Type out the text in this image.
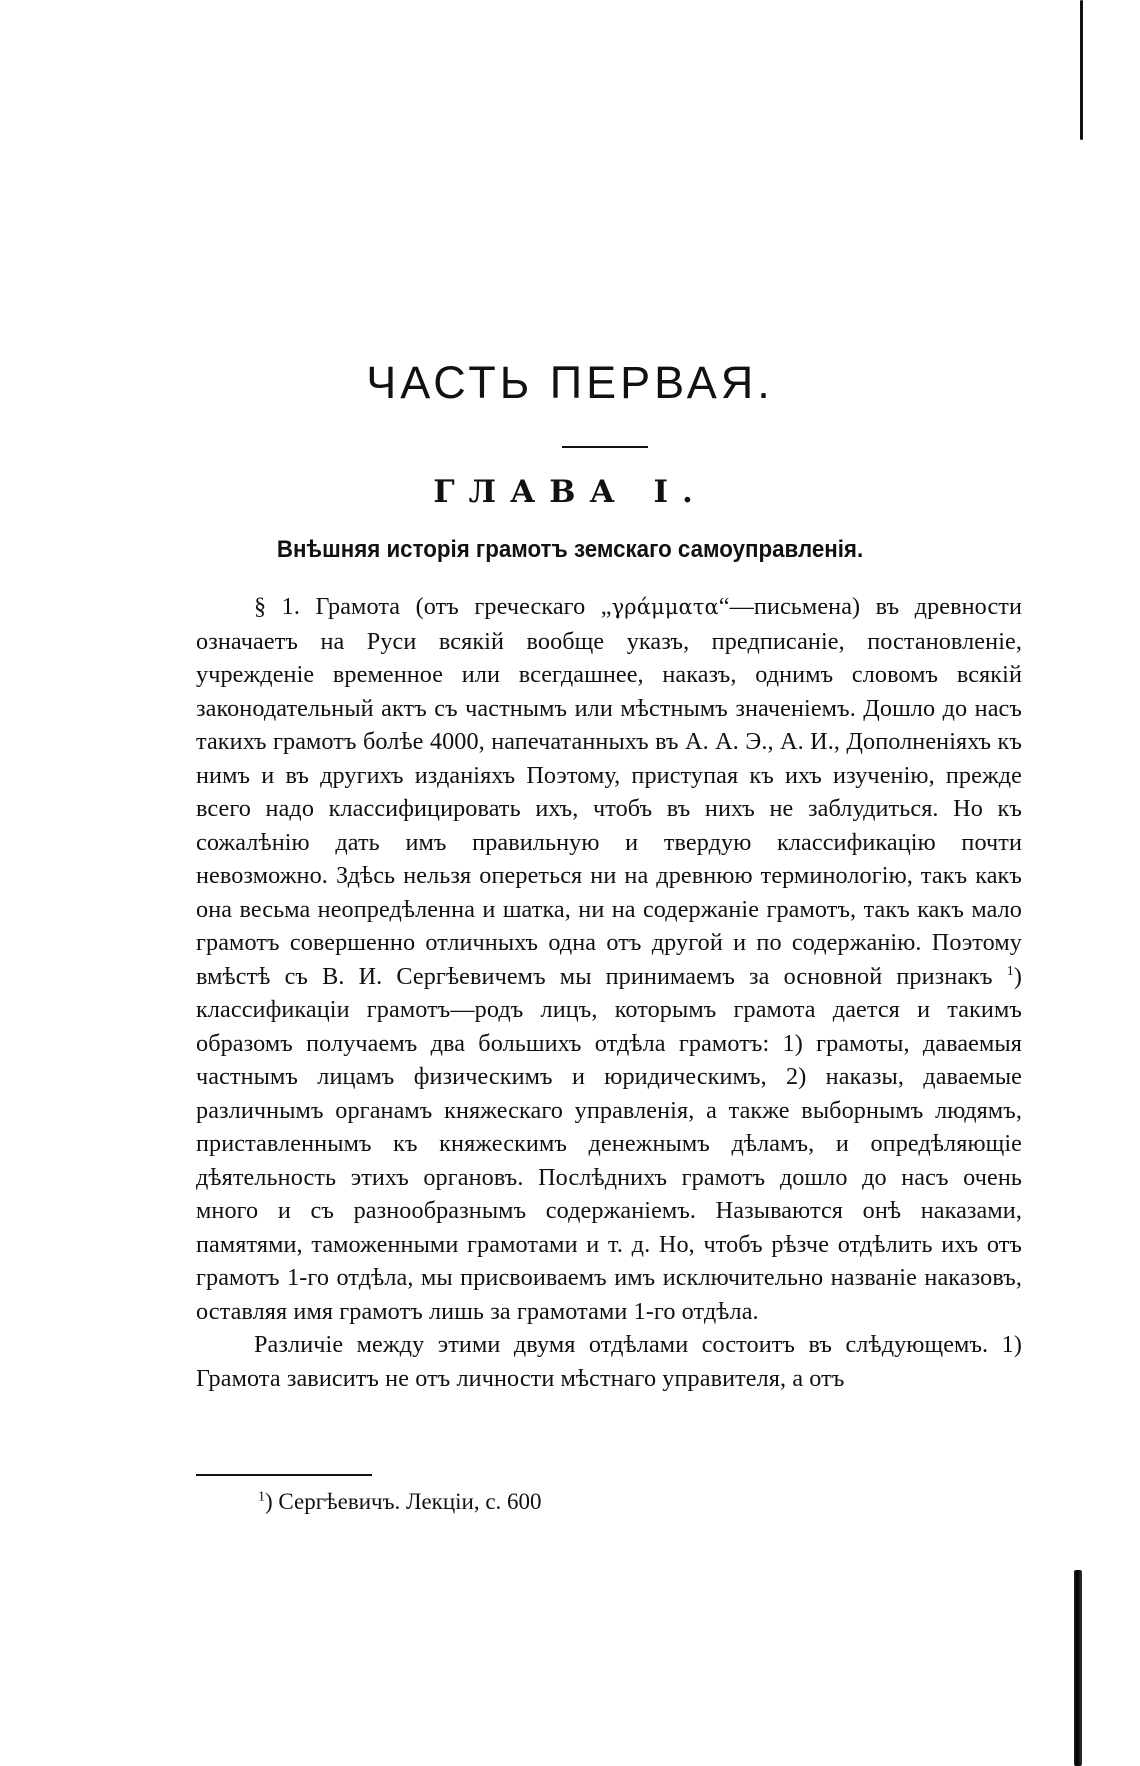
ЧАСТЬ ПЕРВАЯ.
ГЛАВА I.
Внѣшняя исторія грамотъ земскаго самоуправленія.

§ 1. Грамота (отъ греческаго „γράμματα“—письмена) въ древности означаетъ на Руси всякій вообще указъ, предписаніе, постановленіе, учрежденіе временное или всегдашнее, наказъ, однимъ словомъ всякій законодательный актъ съ частнымъ или мѣстнымъ значеніемъ. Дошло до насъ такихъ грамотъ болѣе 4000, напечатанныхъ въ А. А. Э., А. И., Дополненіяхъ къ нимъ и въ другихъ изданіяхъ Поэтому, приступая къ ихъ изученію, прежде всего надо классифицировать ихъ, чтобъ въ нихъ не заблудиться. Но къ сожалѣнію дать имъ правильную и твердую классификацію почти невозможно. Здѣсь нельзя опереться ни на древнюю терминологію, такъ какъ она весьма неопредѣленна и шатка, ни на содержаніе грамотъ, такъ какъ мало грамотъ совершенно отличныхъ одна отъ другой и по содержанію. Поэтому вмѣстѣ съ В. И. Сергѣевичемъ мы принимаемъ за основной признакъ $^1$) классификаціи грамотъ—родъ лицъ, которымъ грамота дается и такимъ образомъ получаемъ два большихъ отдѣла грамотъ: 1) грамоты, даваемыя частнымъ лицамъ физическимъ и юридическимъ, 2) наказы, даваемые различнымъ органамъ княжескаго управленія, а также выборнымъ людямъ, приставленнымъ къ княжескимъ денежнымъ дѣламъ, и опредѣляющіе дѣятельность этихъ органовъ. Послѣднихъ грамотъ дошло до насъ очень много и съ разнообразнымъ содержаніемъ. Называются онѣ наказами, памятями, таможенными грамотами и т. д. Но, чтобъ рѣзче отдѣлить ихъ отъ грамотъ 1-го отдѣла, мы присвоиваемъ имъ исключительно названіе наказовъ, оставляя имя грамотъ лишь за грамотами 1-го отдѣла.

Различіе между этими двумя отдѣлами состоитъ въ слѣдующемъ. 1) Грамота зависитъ не отъ личности мѣстнаго управителя, а отъ

$^1$) Сергѣевичъ. Лекціи, с. 600
